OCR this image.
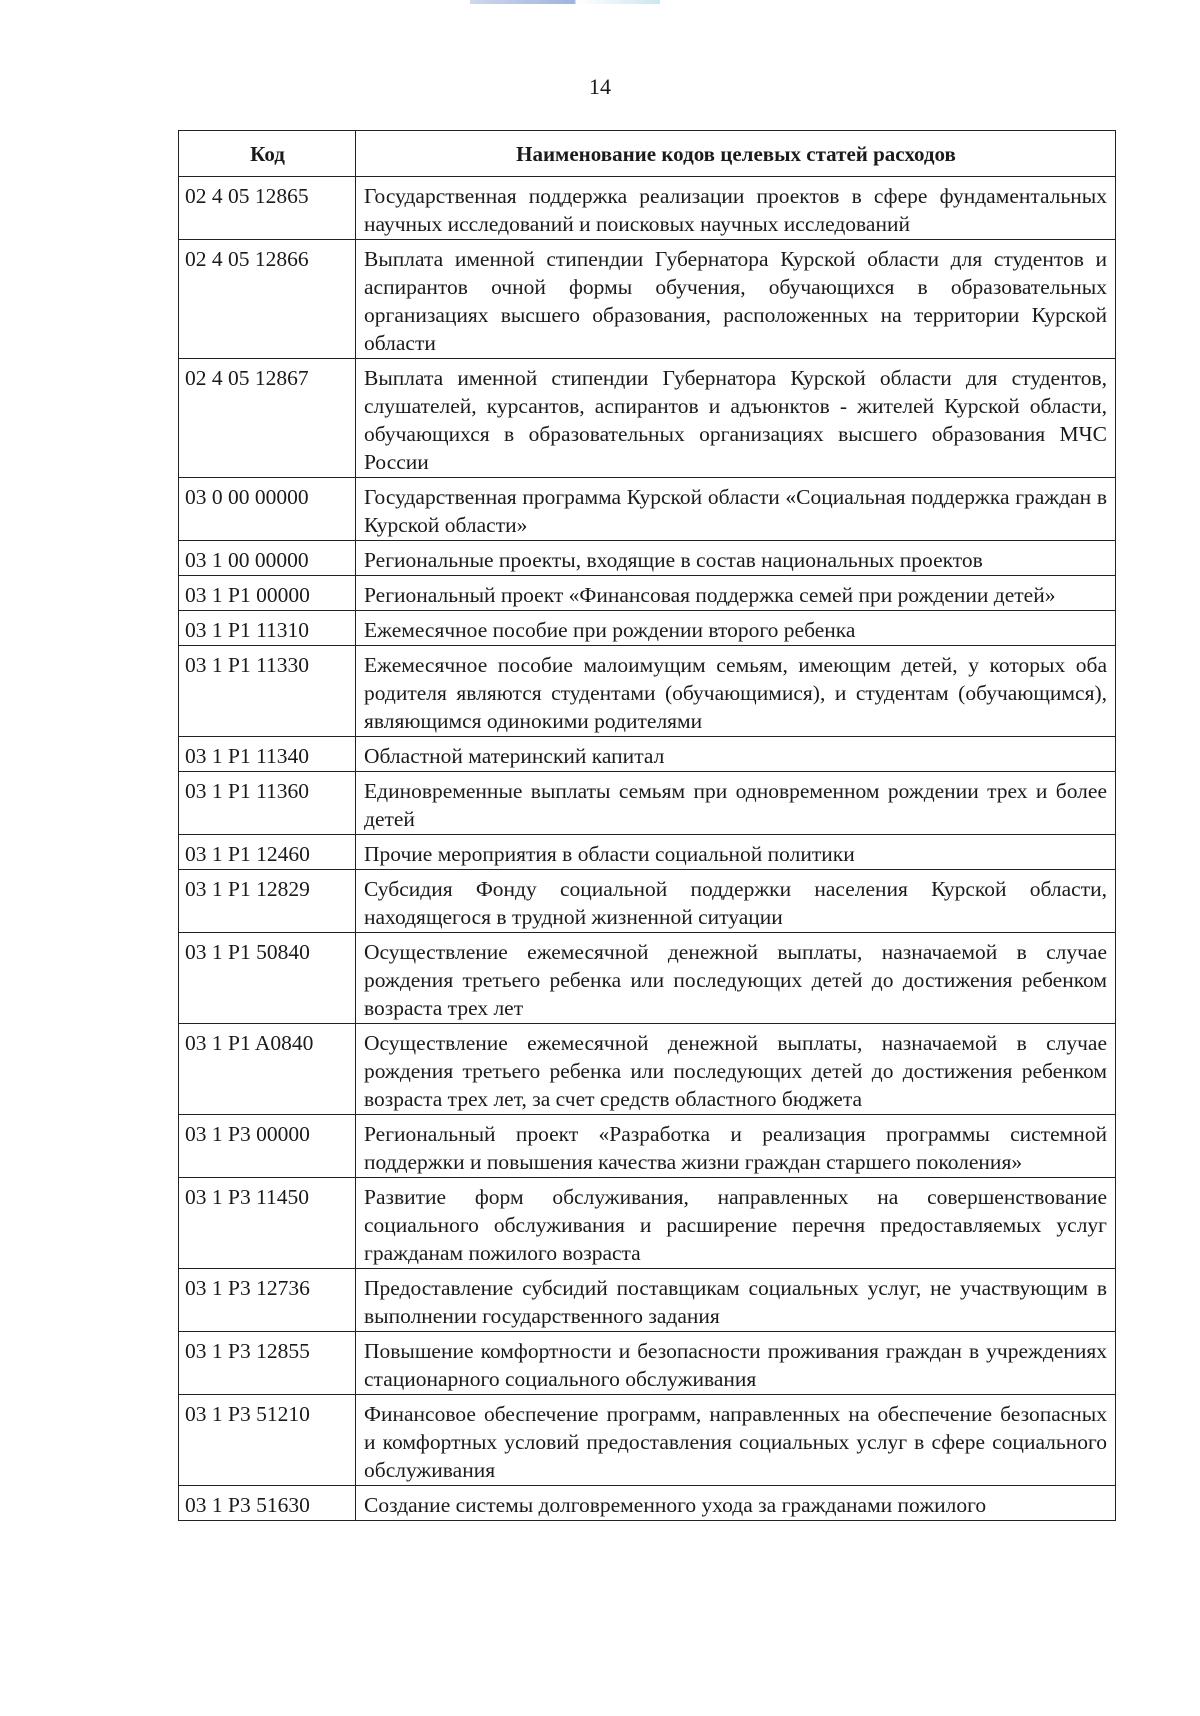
14
Код	Наименование кодов целевых статей расходов
02 4 05 12865	Государственная поддержка реализации проектов в сфере фундаментальных научных исследований и поисковых научных исследований
02 4 05 12866	Выплата именной стипендии Губернатора Курской области для студентов и аспирантов очной формы обучения, обучающихся в образовательных организациях высшего образования, расположенных на территории Курской области
02 4 05 12867	Выплата именной стипендии Губернатора Курской области для студентов, слушателей, курсантов, аспирантов и адъюнктов - жителей Курской области, обучающихся в образовательных организациях высшего образования МЧС России
03 0 00 00000	Государственная программа Курской области «Социальная поддержка граждан в Курской области»
03 1 00 00000	Региональные проекты, входящие в состав национальных проектов
03 1 P1 00000	Региональный проект «Финансовая поддержка семей при рождении детей»
03 1 P1 11310	Ежемесячное пособие при рождении второго ребенка
03 1 P1 11330	Ежемесячное пособие малоимущим семьям, имеющим детей, у которых оба родителя являются студентами (обучающимися), и студентам (обучающимся), являющимся одинокими родителями
03 1 P1 11340	Областной материнский капитал
03 1 P1 11360	Единовременные выплаты семьям при одновременном рождении трех и более детей
03 1 P1 12460	Прочие мероприятия в области социальной политики
03 1 P1 12829	Субсидия Фонду социальной поддержки населения Курской области, находящегося в трудной жизненной ситуации
03 1 P1 50840	Осуществление ежемесячной денежной выплаты, назначаемой в случае рождения третьего ребенка или последующих детей до достижения ребенком возраста трех лет
03 1 P1 A0840	Осуществление ежемесячной денежной выплаты, назначаемой в случае рождения третьего ребенка или последующих детей до достижения ребенком возраста трех лет, за счет средств областного бюджета
03 1 P3 00000	Региональный проект «Разработка и реализация программы системной поддержки и повышения качества жизни граждан старшего поколения»
03 1 P3 11450	Развитие форм обслуживания, направленных на совершенствование социального обслуживания и расширение перечня предоставляемых услуг гражданам пожилого возраста
03 1 P3 12736	Предоставление субсидий поставщикам социальных услуг, не участвующим в выполнении государственного задания
03 1 P3 12855	Повышение комфортности и безопасности проживания граждан в учреждениях стационарного социального обслуживания
03 1 P3 51210	Финансовое обеспечение программ, направленных на обеспечение безопасных и комфортных условий предоставления социальных услуг в сфере социального обслуживания
03 1 P3 51630	Создание системы долговременного ухода за гражданами пожилого
